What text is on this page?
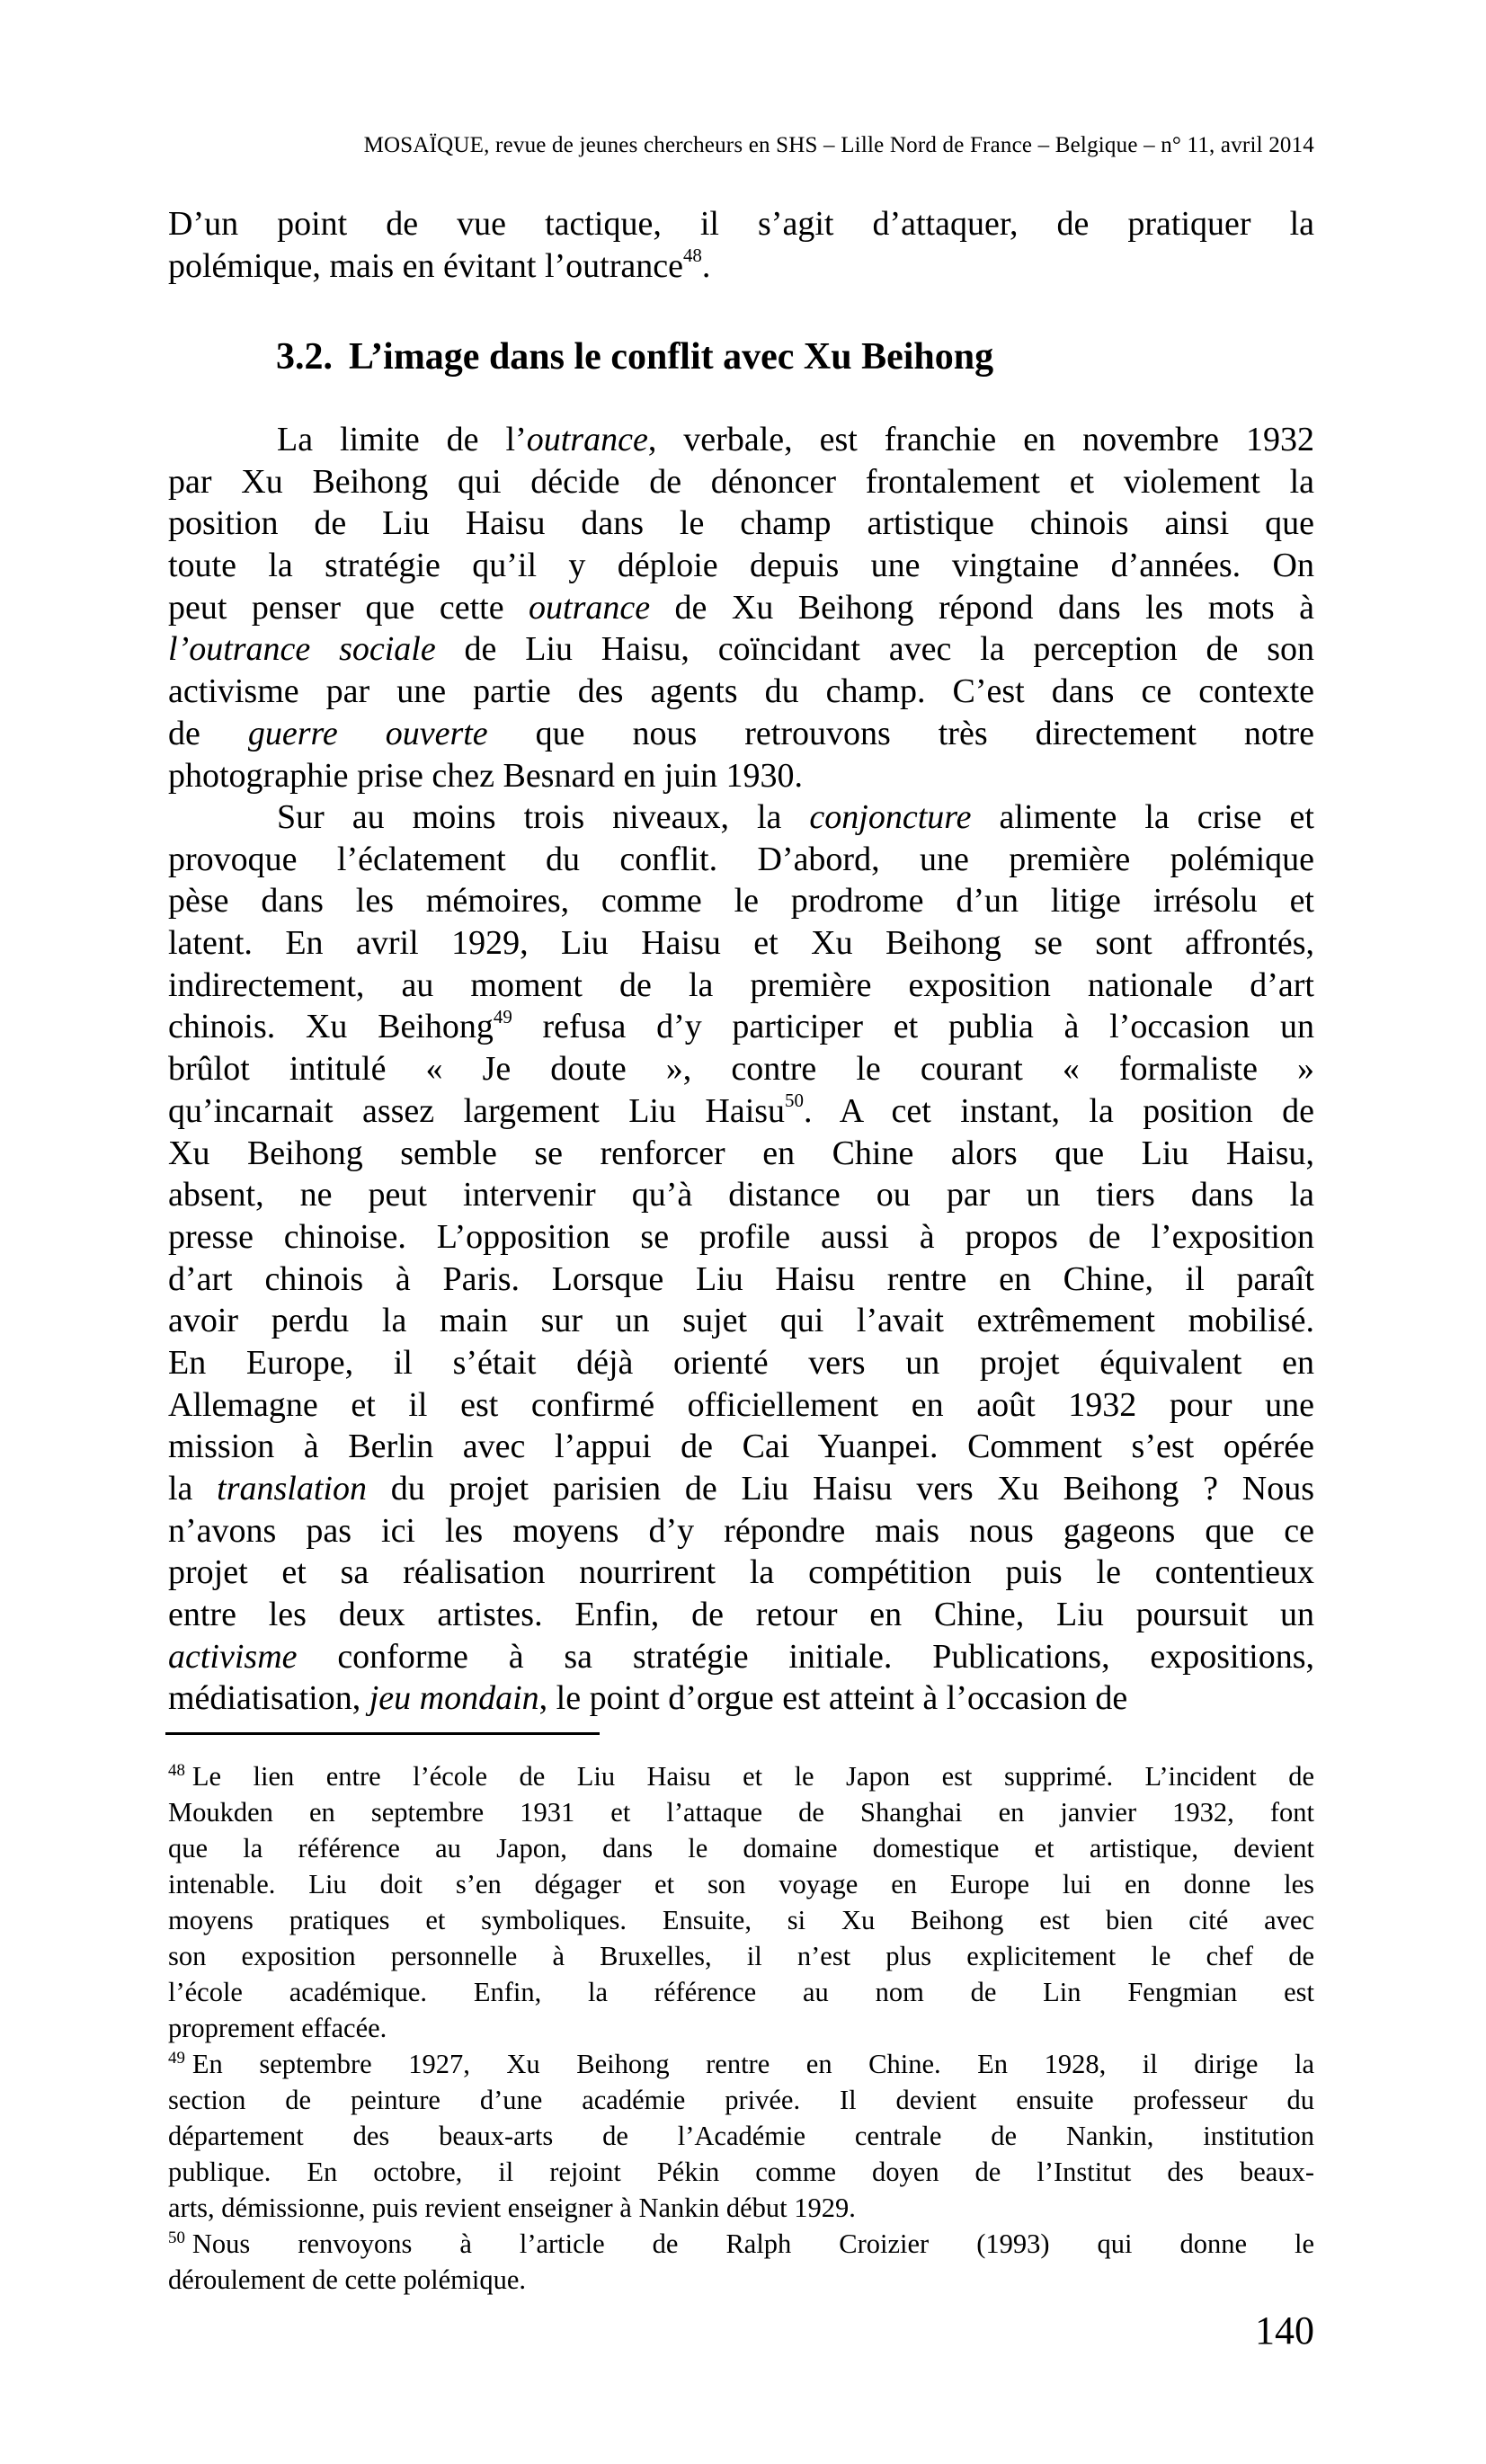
MOSAÏQUE, revue de jeunes chercheurs en SHS – Lille Nord de France – Belgique – n° 11, avril 2014
D’un point de vue tactique, il s’agit d’attaquer, de pratiquer la
polémique, mais en évitant l’outrance$^{48}$.
3.2. L’image dans le conflit avec Xu Beihong
La limite de l’outrance, verbale, est franchie en novembre 1932
par Xu Beihong qui décide de dénoncer frontalement et violement la
position de Liu Haisu dans le champ artistique chinois ainsi que
toute la stratégie qu’il y déploie depuis une vingtaine d’années. On
peut penser que cette outrance de Xu Beihong répond dans les mots à
l’outrance sociale de Liu Haisu, coïncidant avec la perception de son
activisme par une partie des agents du champ. C’est dans ce contexte
de guerre ouverte que nous retrouvons très directement notre
photographie prise chez Besnard en juin 1930.
Sur au moins trois niveaux, la conjoncture alimente la crise et
provoque l’éclatement du conflit. D’abord, une première polémique
pèse dans les mémoires, comme le prodrome d’un litige irrésolu et
latent. En avril 1929, Liu Haisu et Xu Beihong se sont affrontés,
indirectement, au moment de la première exposition nationale d’art
chinois. Xu Beihong$^{49}$ refusa d’y participer et publia à l’occasion un
brûlot intitulé « Je doute », contre le courant « formaliste »
qu’incarnait assez largement Liu Haisu$^{50}$. A cet instant, la position de
Xu Beihong semble se renforcer en Chine alors que Liu Haisu,
absent, ne peut intervenir qu’à distance ou par un tiers dans la
presse chinoise. L’opposition se profile aussi à propos de l’exposition
d’art chinois à Paris. Lorsque Liu Haisu rentre en Chine, il paraît
avoir perdu la main sur un sujet qui l’avait extrêmement mobilisé.
En Europe, il s’était déjà orienté vers un projet équivalent en
Allemagne et il est confirmé officiellement en août 1932 pour une
mission à Berlin avec l’appui de Cai Yuanpei. Comment s’est opérée
la translation du projet parisien de Liu Haisu vers Xu Beihong ? Nous
n’avons pas ici les moyens d’y répondre mais nous gageons que ce
projet et sa réalisation nourrirent la compétition puis le contentieux
entre les deux artistes. Enfin, de retour en Chine, Liu poursuit un
activisme conforme à sa stratégie initiale. Publications, expositions,
médiatisation, jeu mondain, le point d’orgue est atteint à l’occasion de
$^{48}$ Le lien entre l’école de Liu Haisu et le Japon est supprimé. L’incident de
Moukden en septembre 1931 et l’attaque de Shanghai en janvier 1932, font
que la référence au Japon, dans le domaine domestique et artistique, devient
intenable. Liu doit s’en dégager et son voyage en Europe lui en donne les
moyens pratiques et symboliques. Ensuite, si Xu Beihong est bien cité avec
son exposition personnelle à Bruxelles, il n’est plus explicitement le chef de
l’école académique. Enfin, la référence au nom de Lin Fengmian est
proprement effacée.
$^{49}$ En septembre 1927, Xu Beihong rentre en Chine. En 1928, il dirige la
section de peinture d’une académie privée. Il devient ensuite professeur du
département des beaux-arts de l’Académie centrale de Nankin, institution
publique. En octobre, il rejoint Pékin comme doyen de l’Institut des beaux-
arts, démissionne, puis revient enseigner à Nankin début 1929.
$^{50}$ Nous renvoyons à l’article de Ralph Croizier (1993) qui donne le
déroulement de cette polémique.
140
